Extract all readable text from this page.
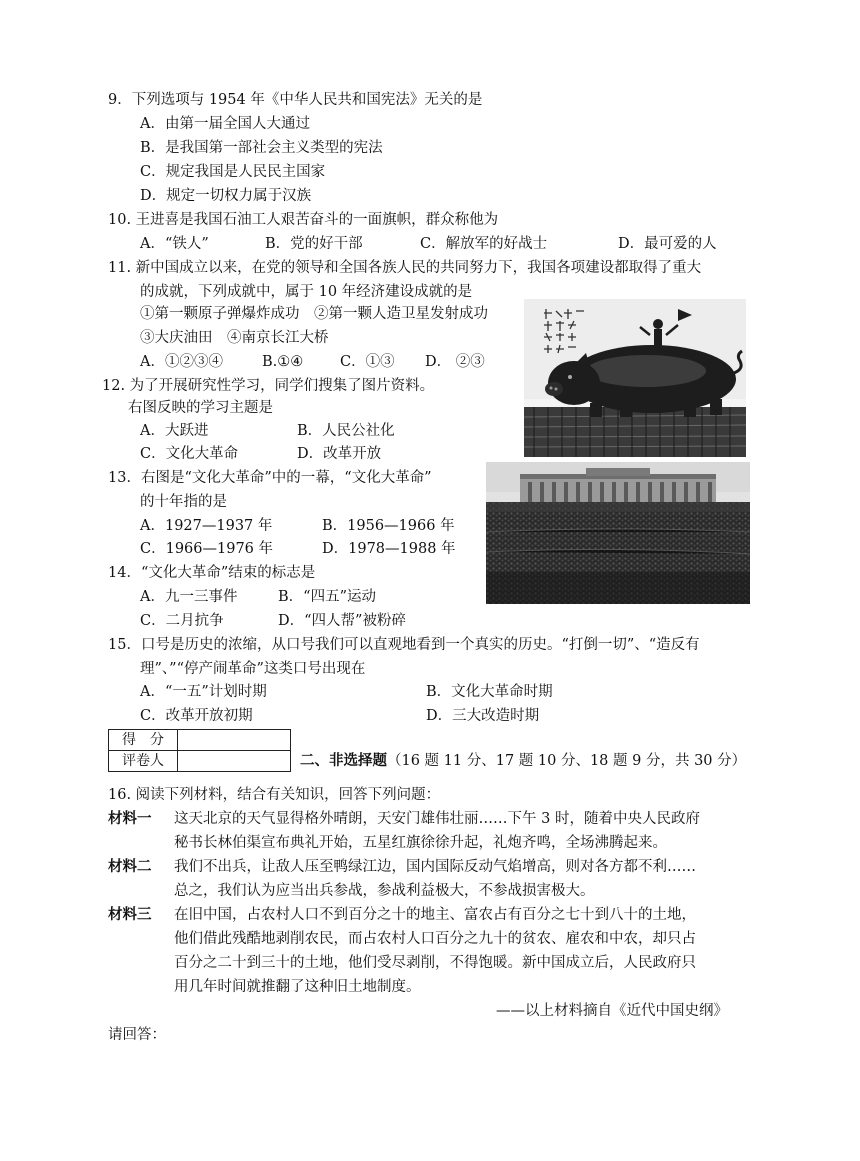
9．下列选项与 1954 年《中华人民共和国宪法》无关的是
A．由第一届全国人大通过
B．是我国第一部社会主义类型的宪法
C．规定我国是人民民主国家
D．规定一切权力属于汉族
10. 王进喜是我国石油工人艰苦奋斗的一面旗帜，群众称他为
A．“铁人”	B．党的好干部	C．解放军的好战士	D．最可爱的人
11. 新中国成立以来，在党的领导和全国各族人民的共同努力下，我国各项建设都取得了重大
的成就，下列成就中，属于 10 年经济建设成就的是
①第一颗原子弹爆炸成功　②第一颗人造卫星发射成功
③大庆油田　④南京长江大桥
A．①②③④	B.①④	C．①③ D． ②③
12. 为了开展研究性学习，同学们搜集了图片资料。
右图反映的学习主题是
A．大跃进	B．人民公社化
C．文化大革命	D．改革开放
13．右图是“文化大革命”中的一幕，“文化大革命”
的十年指的是
A．1927—1937 年	B．1956—1966 年
C．1966—1976 年	D．1978—1988 年
14．“文化大革命”结束的标志是
A．九一三事件	B．“四五”运动
C．二月抗争	D．“四人帮”被粉碎
15．口号是历史的浓缩，从口号我们可以直观地看到一个真实的历史。“打倒一切”、“造反有
理”、”“停产闹革命”这类口号出现在
A．“一五”计划时期	B．文化大革命时期
C．改革开放初期	D．三大改造时期
得　分	
评卷人		二、非选择题（16 题 11 分、17 题 10 分、18 题 9 分，共 30 分）
16. 阅读下列材料，结合有关知识，回答下列问题：
材料一 这天北京的天气显得格外晴朗，天安门雄伟壮丽……下午 3 时，随着中央人民政府
秘书长林伯渠宣布典礼开始，五星红旗徐徐升起，礼炮齐鸣，全场沸腾起来。
材料二 我们不出兵，让敌人压至鸭绿江边，国内国际反动气焰增高，则对各方都不利……
总之，我们认为应当出兵参战，参战利益极大，不参战损害极大。
材料三 在旧中国，占农村人口不到百分之十的地主、富农占有百分之七十到八十的土地，
他们借此残酷地剥削农民，而占农村人口百分之九十的贫农、雇农和中农，却只占
百分之二十到三十的土地，他们受尽剥削，不得饱暖。新中国成立后，人民政府只
用几年时间就推翻了这种旧土地制度。
——以上材料摘自《近代中国史纲》
请回答：
